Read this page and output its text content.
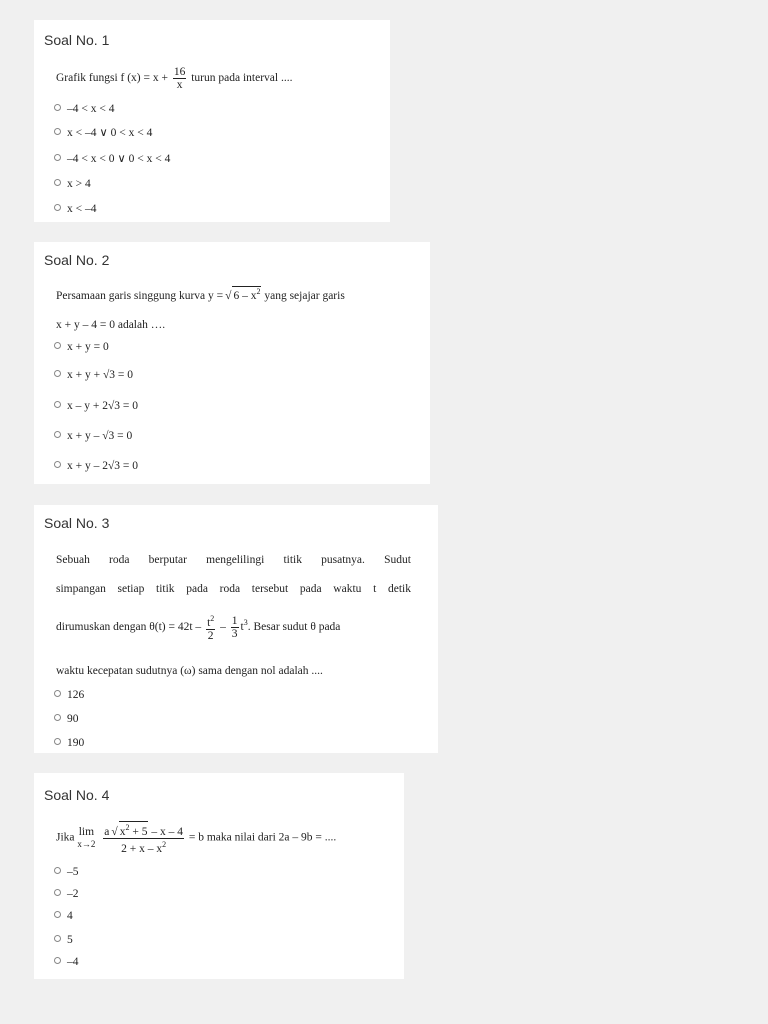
Soal No. 1
Grafik fungsi f $(x) = x + \frac{16}{x}$ turun pada interval ....
–4 < x < 4
x < –4 ∨ 0 < x < 4
–4 < x < 0 ∨ 0 < x < 4
x > 4
x < –4
Soal No. 2
Persamaan garis singgung kurva y = √ $6 - x^2$ yang sejajar garis
x + y – 4 = 0 adalah ….
x + y = 0
x + y + √3 = 0
x – y + 2√3 = 0
x + y – √3 = 0
x + y – 2√3 = 0
Soal No. 3
Sebuah roda berputar mengelilingi titik pusatnya. Sudut
simpangan setiap titik pada roda tersebut pada waktu t detik
dirumuskan dengan $\theta(t) = 42t - \frac{t^2}{2} - \frac{1}{3} t^3$. Besar sudut θ pada
waktu kecepatan sudutnya (ω) sama dengan nol adalah ....
126
90
190
Soal No. 4
Jika lim
x→2
$\frac{a √ x^2 + 5 - x - 4}{2 + x - x^2} = b$ maka nilai dari 2a – 9b = ....
–5
–2
4
5
–4
